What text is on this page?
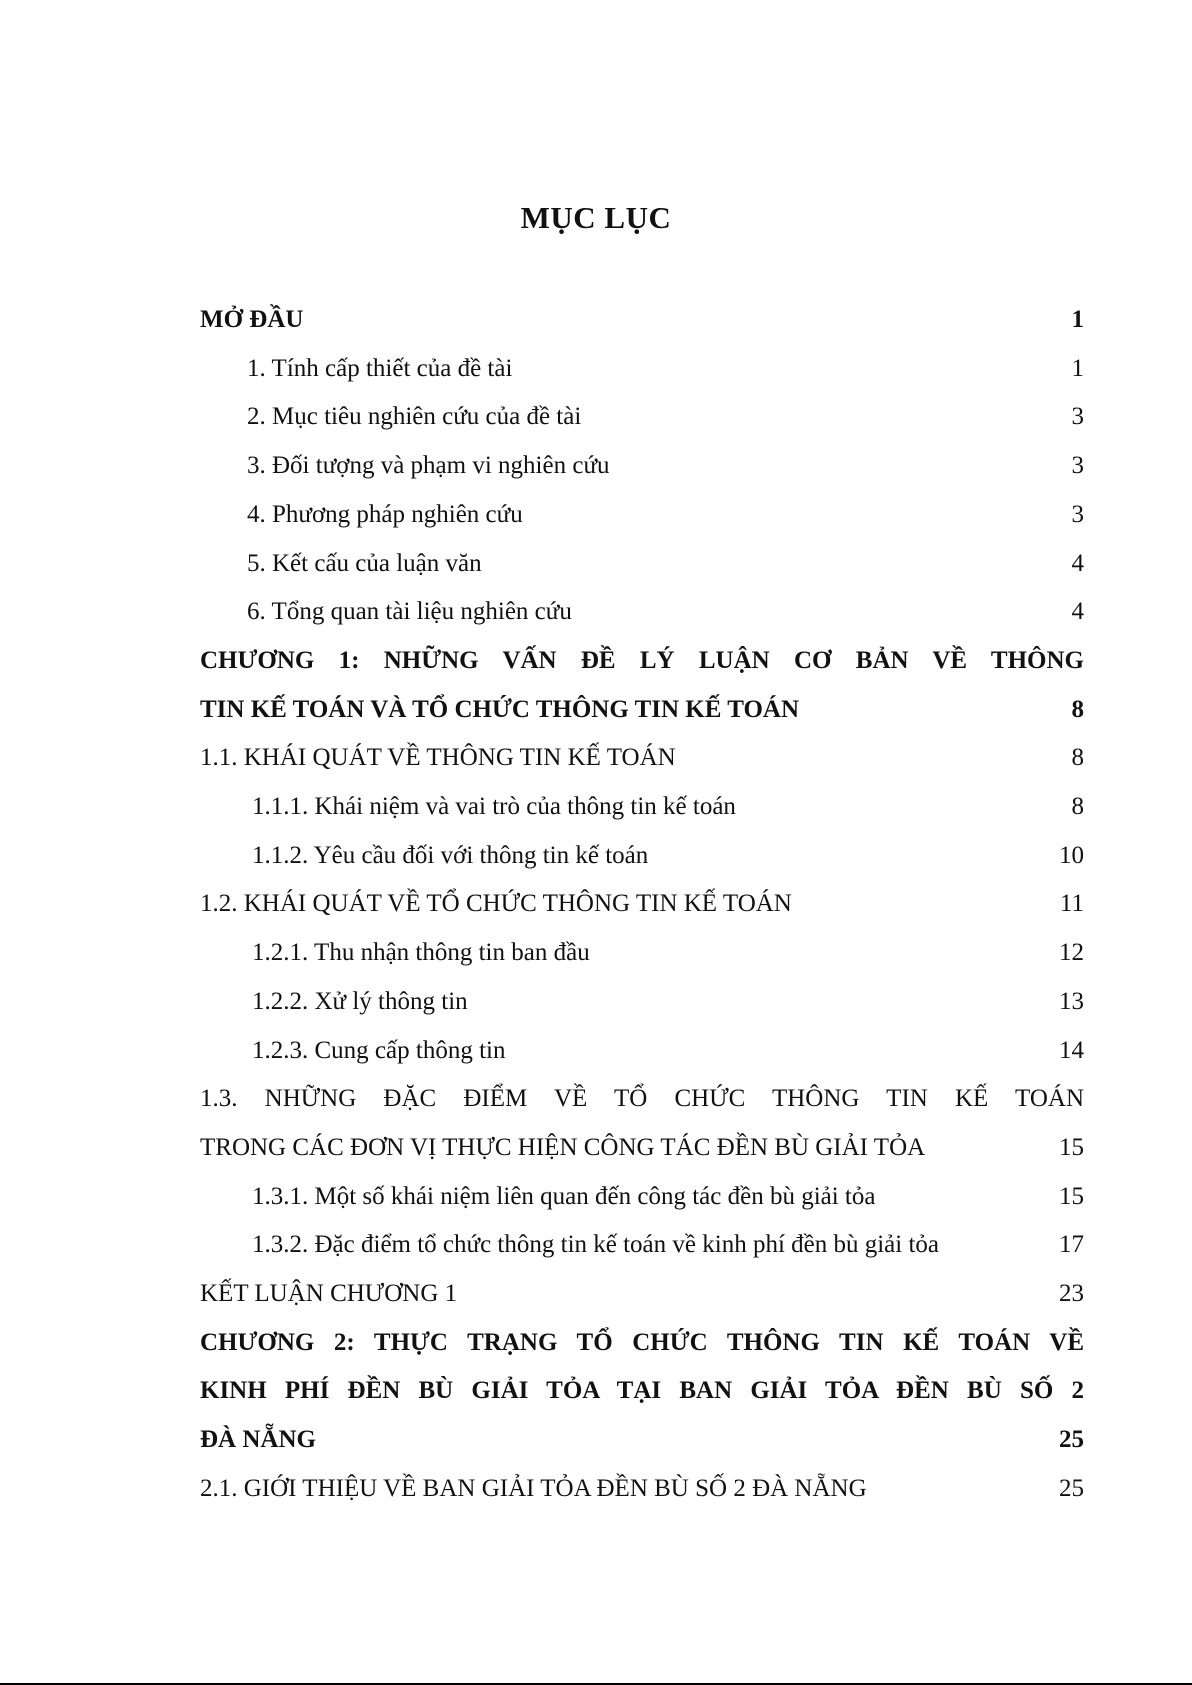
MỤC LỤC
MỞ ĐẦU .....	1
1. Tính cấp thiết của đề tài .....	1
2. Mục tiêu nghiên cứu của đề tài .....	3
3. Đối tượng và phạm vi nghiên cứu .....	3
4. Phương pháp nghiên cứu .....	3
5. Kết cấu của luận văn .....	4
6. Tổng quan tài liệu nghiên cứu .....	4
CHƯƠNG 1: NHỮNG VẤN ĐỀ LÝ LUẬN CƠ BẢN VỀ THÔNG
TIN KẾ TOÁN VÀ TỔ CHỨC THÔNG TIN KẾ TOÁN .....	8
1.1. KHÁI QUÁT VỀ THÔNG TIN KẾ TOÁN .....	8
1.1.1. Khái niệm và vai trò của thông tin kế toán .....	8
1.1.2. Yêu cầu đối với thông tin kế toán .....	10
1.2. KHÁI QUÁT VỀ TỔ CHỨC THÔNG TIN KẾ TOÁN .....	11
1.2.1. Thu nhận thông tin ban đầu .....	12
1.2.2. Xử lý thông tin .....	13
1.2.3. Cung cấp thông tin .....	14
1.3. NHỮNG ĐẶC ĐIỂM VỀ TỔ CHỨC THÔNG TIN KẾ TOÁN
TRONG CÁC ĐƠN VỊ THỰC HIỆN CÔNG TÁC ĐỀN BÙ GIẢI TỎA .....	15
1.3.1. Một số khái niệm liên quan đến công tác đền bù giải tỏa .....	15
1.3.2. Đặc điểm tổ chức thông tin kế toán về kinh phí đền bù giải tỏa .....	17
KẾT LUẬN CHƯƠNG 1 .....	23
CHƯƠNG 2: THỰC TRẠNG TỔ CHỨC THÔNG TIN KẾ TOÁN VỀ
KINH PHÍ ĐỀN BÙ GIẢI TỎA TẠI BAN GIẢI TỎA ĐỀN BÙ SỐ 2
ĐÀ NẴNG .....	25
2.1. GIỚI THIỆU VỀ BAN GIẢI TỎA ĐỀN BÙ SỐ 2 ĐÀ NẴNG .....	25
